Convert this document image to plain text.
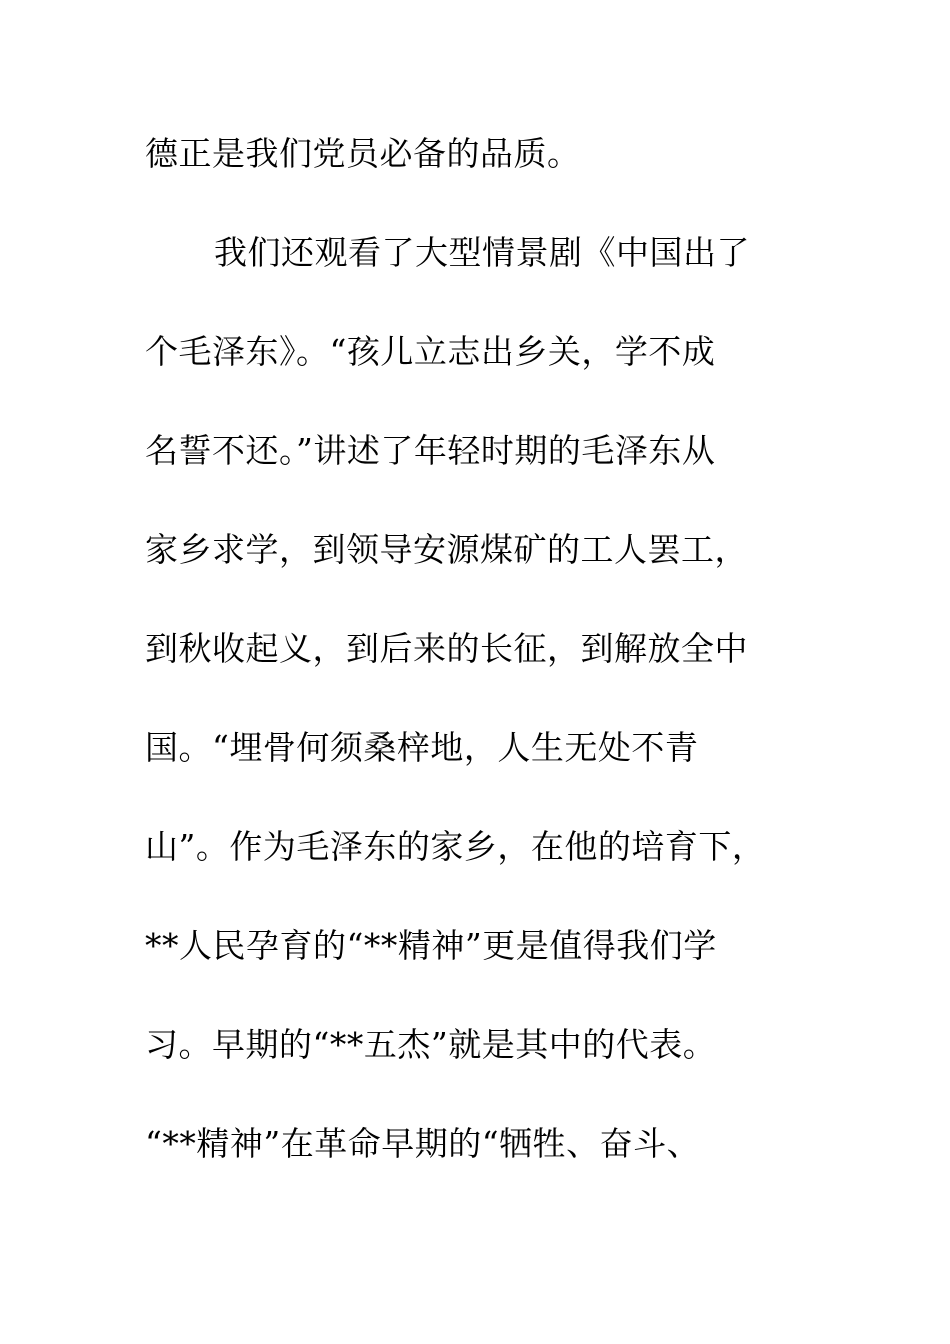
德正是我们党员必备的品质。

我们还观看了大型情景剧《中国出了

个毛泽东》。“孩儿立志出乡关，学不成

名誓不还。”讲述了年轻时期的毛泽东从

家乡求学，到领导安源煤矿的工人罢工，

到秋收起义，到后来的长征，到解放全中

国。“埋骨何须桑梓地，人生无处不青

山”。作为毛泽东的家乡，在他的培育下，

**人民孕育的“**精神”更是值得我们学

习。早期的“**五杰”就是其中的代表。

“**精神”在革命早期的“牺牲、奋斗、
